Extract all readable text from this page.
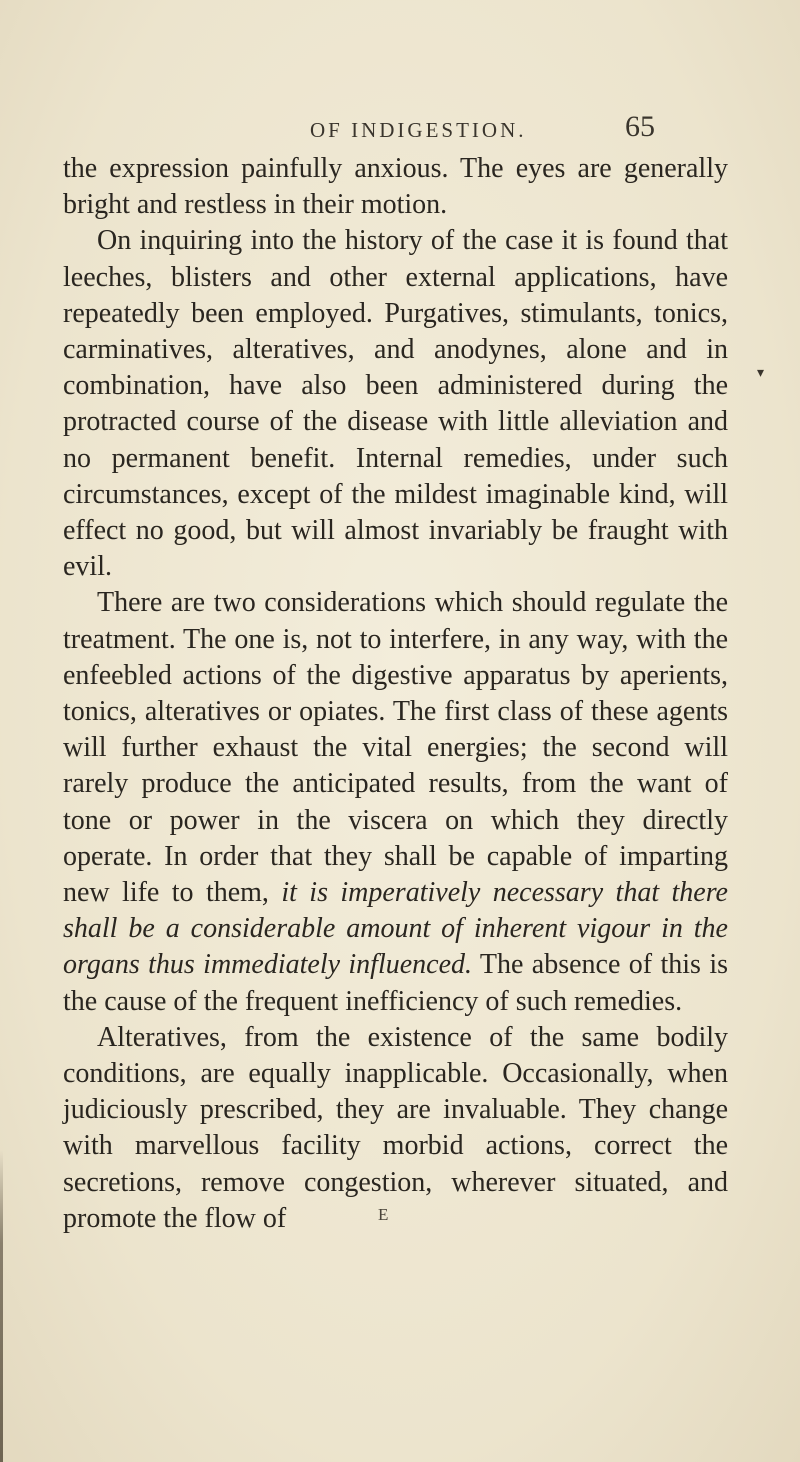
OF INDIGESTION.	65
▾

the expression painfully anxious. The eyes are generally bright and restless in their motion.

On inquiring into the history of the case it is found that leeches, blisters and other external applications, have repeatedly been employed. Purgatives, stimulants, tonics, carminatives, alteratives, and anodynes, alone and in combination, have also been administered during the protracted course of the disease with little alleviation and no permanent benefit. Internal remedies, under such circumstances, except of the mildest imaginable kind, will effect no good, but will almost invariably be fraught with evil.

There are two considerations which should regulate the treatment. The one is, not to interfere, in any way, with the enfeebled actions of the digestive apparatus by aperients, tonics, alteratives or opiates. The first class of these agents will further exhaust the vital energies; the second will rarely produce the anticipated results, from the want of tone or power in the viscera on which they directly operate. In order that they shall be capable of imparting new life to them, it is imperatively necessary that there shall be a considerable amount of inherent vigour in the organs thus immediately influenced. The absence of this is the cause of the frequent inefficiency of such remedies.

Alteratives, from the existence of the same bodily conditions, are equally inapplicable. Occasionally, when judiciously prescribed, they are invaluable. They change with marvellous facility morbid actions, correct the secretions, remove congestion, wherever situated, and promote the flow of	E
